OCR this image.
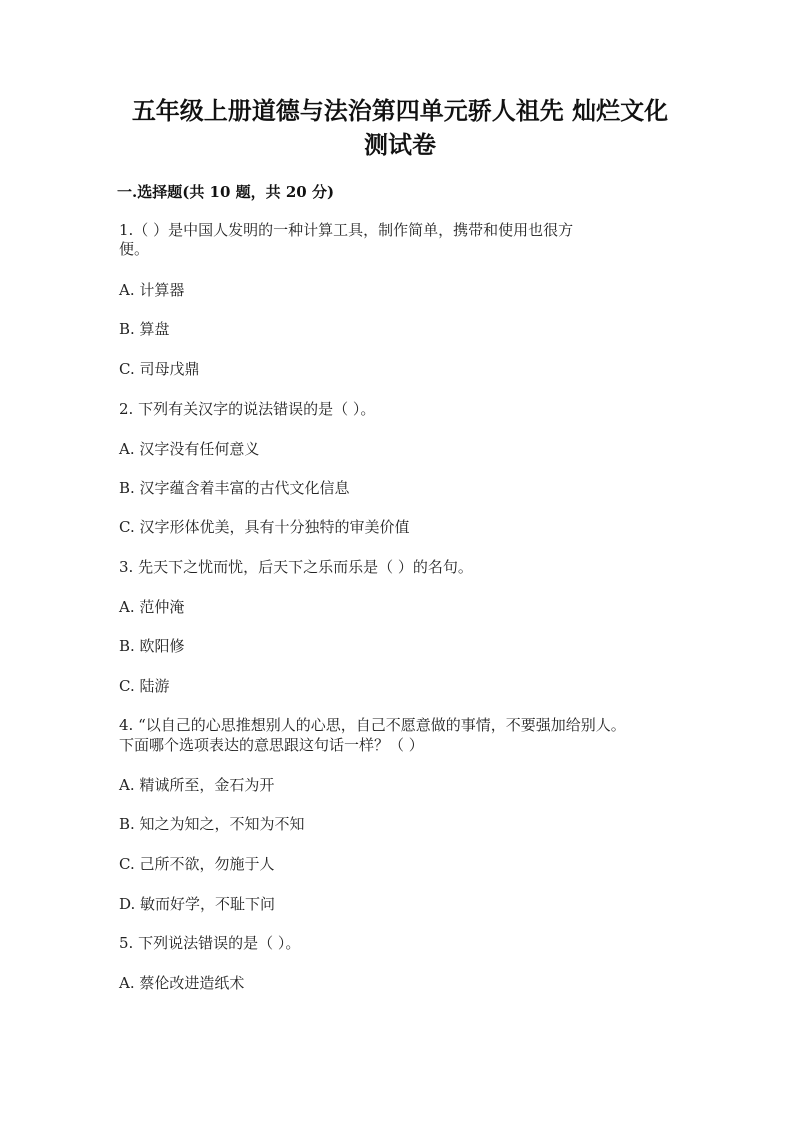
五年级上册道德与法治第四单元骄人祖先 灿烂文化
测试卷
一.选择题(共 10 题，共 20 分)
1.（ ）是中国人发明的一种计算工具，制作简单，携带和使用也很方
便。
A. 计算器
B. 算盘
C. 司母戊鼎
2. 下列有关汉字的说法错误的是（ ）。
A. 汉字没有任何意义
B. 汉字蕴含着丰富的古代文化信息
C. 汉字形体优美，具有十分独特的审美价值
3. 先天下之忧而忧，后天下之乐而乐是（ ）的名句。
A. 范仲淹
B. 欧阳修
C. 陆游
4. “以自己的心思推想别人的心思，自己不愿意做的事情，不要强加给别人。
下面哪个选项表达的意思跟这句话一样？（ ）
A. 精诚所至，金石为开
B. 知之为知之，不知为不知
C. 己所不欲，勿施于人
D. 敏而好学，不耻下问
5. 下列说法错误的是（ ）。
A. 蔡伦改进造纸术
